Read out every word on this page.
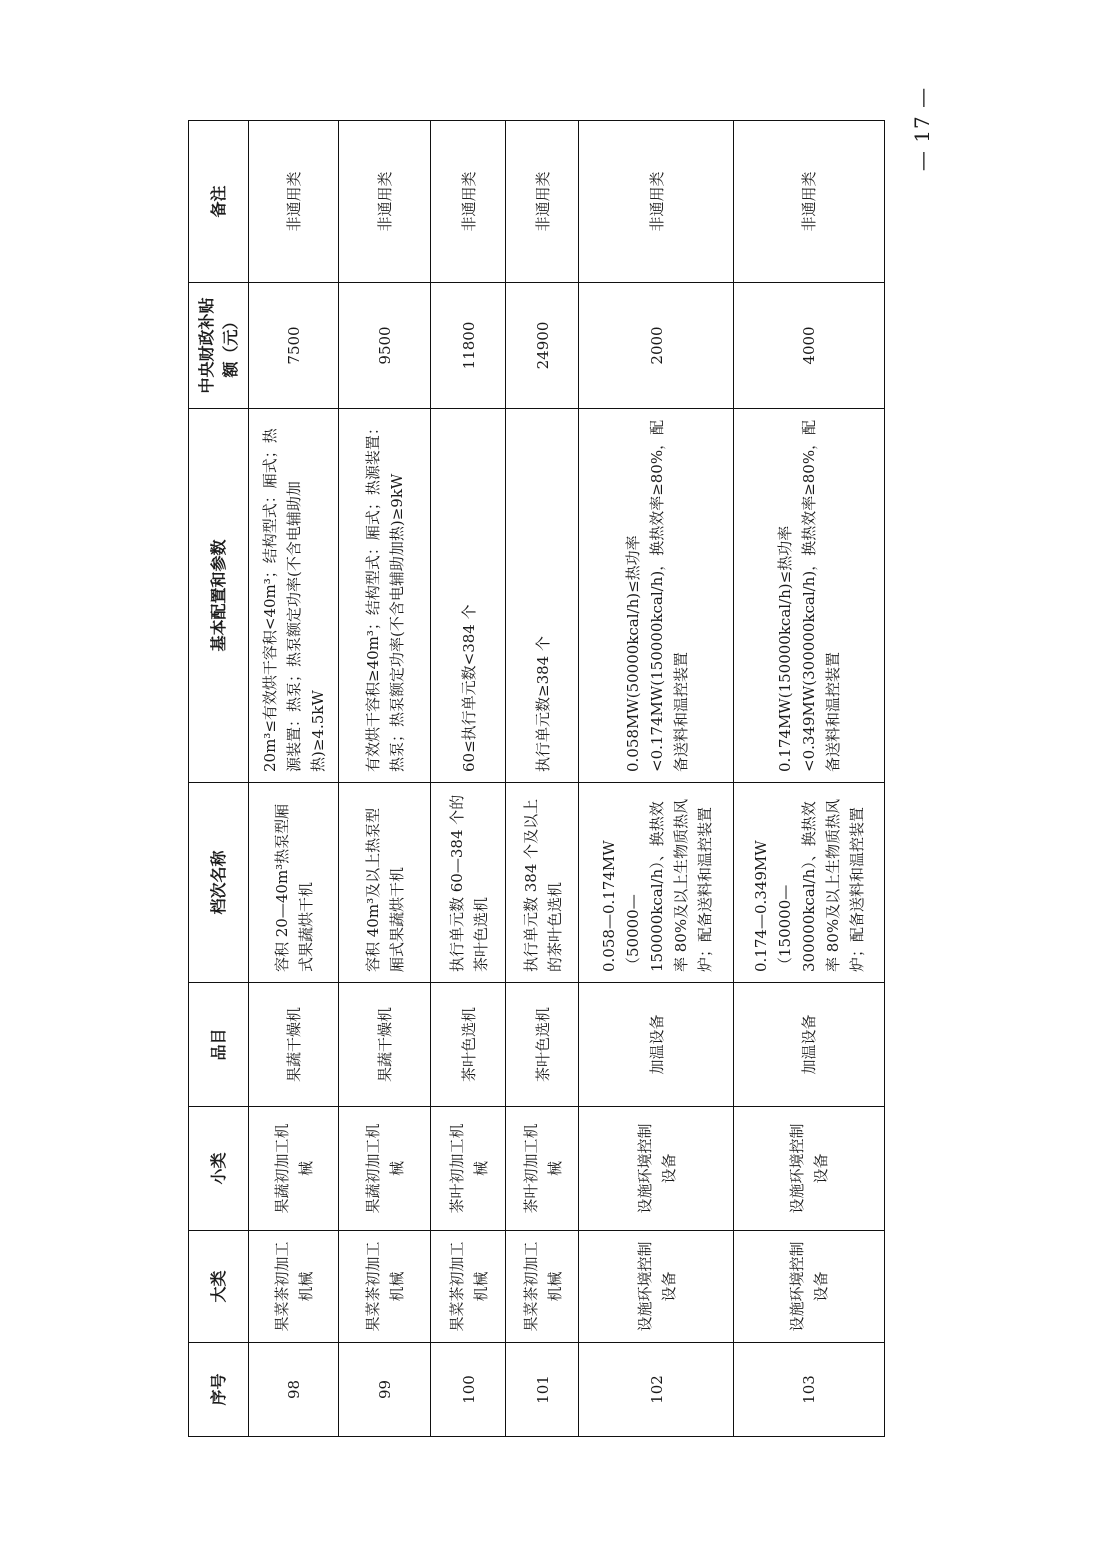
序号
大类
小类
品目
档次名称
基本配置和参数
中央财政补贴额（元）
备注
98
果菜茶初加工机械
果蔬初加工机械
果蔬干燥机
容积 20—40m³热泵型厢式果蔬烘干机
20m³≤有效烘干容积<40m³；结构型式：厢式；热源装置：热泵；热泵额定功率(不含电辅助加热)≥4.5kW
7500
非通用类
99
果菜茶初加工机械
果蔬初加工机械
果蔬干燥机
容积 40m³及以上热泵型厢式果蔬烘干机
有效烘干容积≥40m³；结构型式：厢式；热源装置：热泵；热泵额定功率(不含电辅助加热)≥9kW
9500
非通用类
100
果菜茶初加工机械
茶叶初加工机械
茶叶色选机
执行单元数 60—384 个的茶叶色选机
60≤执行单元数<384 个
11800
非通用类
101
果菜茶初加工机械
茶叶初加工机械
茶叶色选机
执行单元数 384 个及以上的茶叶色选机
执行单元数≥384 个
24900
非通用类
102
设施环境控制设备
设施环境控制设备
加温设备
0.058—0.174MW（50000—150000kcal/h）、换热效率 80%及以上生物质热风炉；配备送料和温控装置
0.058MW(50000kcal/h)≤热功率<0.174MW(150000kcal/h)，换热效率≥80%，配备送料和温控装置
2000
非通用类
103
设施环境控制设备
设施环境控制设备
加温设备
0.174—0.349MW（150000—300000kcal/h）、换热效率 80%及以上生物质热风炉；配备送料和温控装置
0.174MW(150000kcal/h)≤热功率<0.349MW(300000kcal/h)，换热效率≥80%，配备送料和温控装置
4000
非通用类
— 17 —
